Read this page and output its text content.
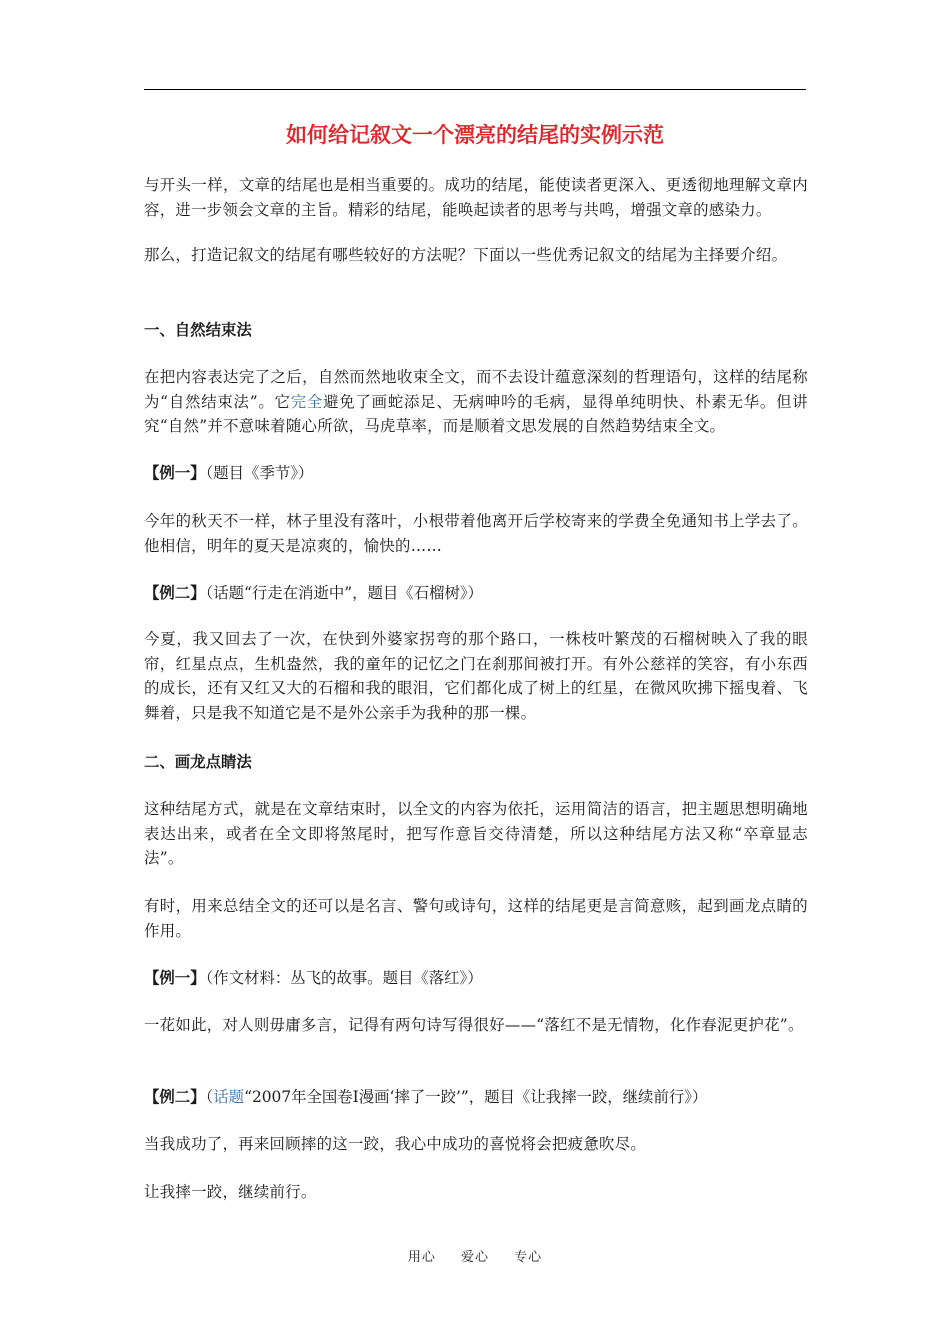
如何给记叙文一个漂亮的结尾的实例示范

与开头一样，文章的结尾也是相当重要的。成功的结尾，能使读者更深入、更透彻地理解文章内容，进一步领会文章的主旨。精彩的结尾，能唤起读者的思考与共鸣，增强文章的感染力。

那么，打造记叙文的结尾有哪些较好的方法呢？下面以一些优秀记叙文的结尾为主择要介绍。

一、自然结束法

在把内容表达完了之后，自然而然地收束全文，而不去设计蕴意深刻的哲理语句，这样的结尾称为“自然结束法”。它完全避免了画蛇添足、无病呻吟的毛病，显得单纯明快、朴素无华。但讲究“自然”并不意味着随心所欲，马虎草率，而是顺着文思发展的自然趋势结束全文。

【例一】（题目《季节》）

今年的秋天不一样，林子里没有落叶，小根带着他离开后学校寄来的学费全免通知书上学去了。他相信，明年的夏天是凉爽的，愉快的……

【例二】（话题“行走在消逝中”，题目《石榴树》）

今夏，我又回去了一次，在快到外婆家拐弯的那个路口，一株枝叶繁茂的石榴树映入了我的眼帘，红星点点，生机盎然，我的童年的记忆之门在刹那间被打开。有外公慈祥的笑容，有小东西的成长，还有又红又大的石榴和我的眼泪，它们都化成了树上的红星，在微风吹拂下摇曳着、飞舞着，只是我不知道它是不是外公亲手为我种的那一棵。

二、画龙点睛法

这种结尾方式，就是在文章结束时，以全文的内容为依托，运用简洁的语言，把主题思想明确地表达出来，或者在全文即将煞尾时，把写作意旨交待清楚，所以这种结尾方法又称“卒章显志法”。

有时，用来总结全文的还可以是名言、警句或诗句，这样的结尾更是言简意赅，起到画龙点睛的作用。

【例一】（作文材料：丛飞的故事。题目《落红》）

一花如此，对人则毋庸多言，记得有两句诗写得很好——“落红不是无情物，化作春泥更护花”。

【例二】（话题“2007年全国卷Ⅰ漫画‘摔了一跤’”，题目《让我摔一跤，继续前行》）

当我成功了，再来回顾摔的这一跤，我心中成功的喜悦将会把疲惫吹尽。

让我摔一跤，继续前行。

用心 爱心 专心
